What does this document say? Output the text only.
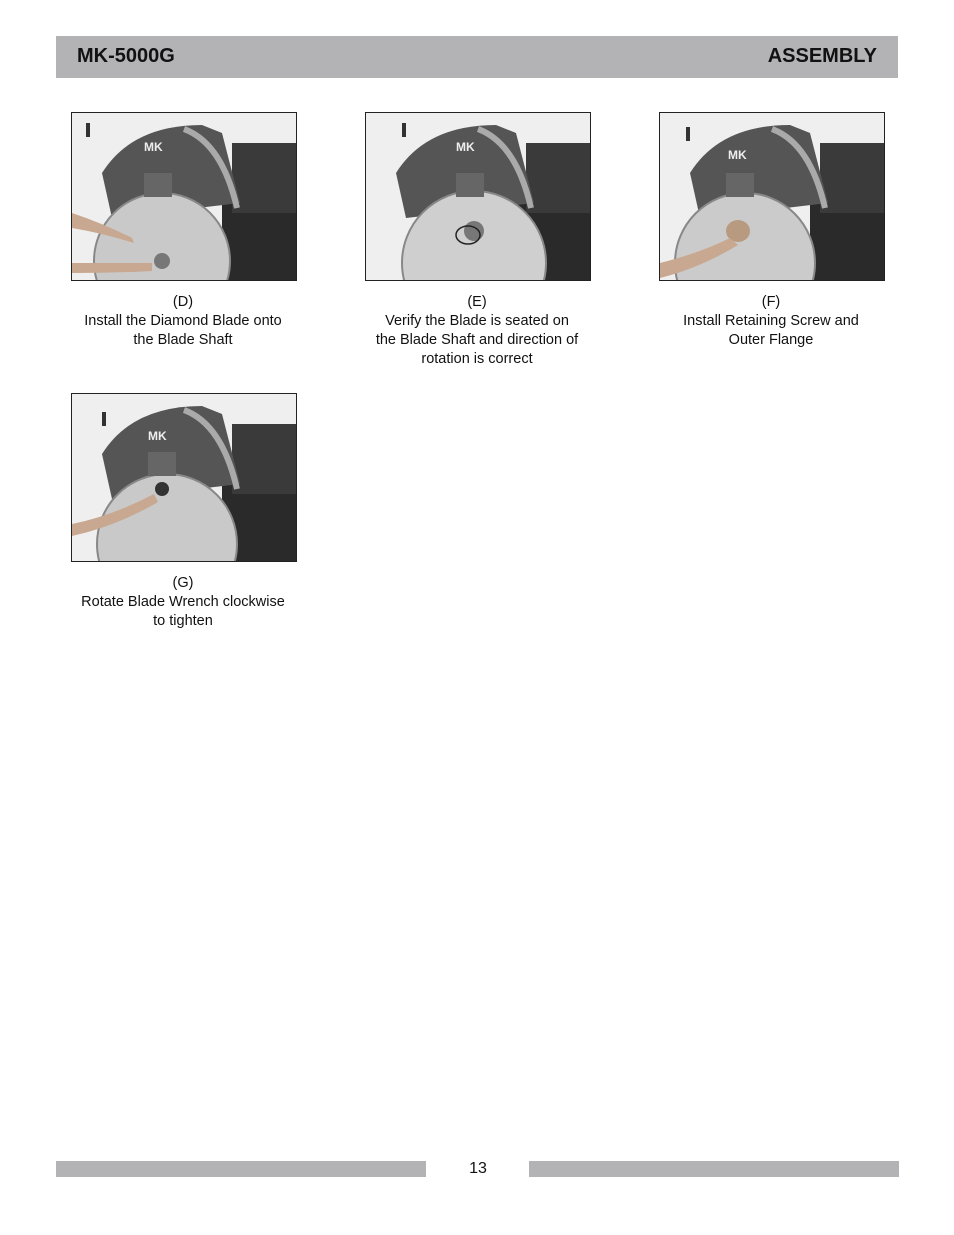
MK-5000G	ASSEMBLY
MK
(D)
Install the Diamond Blade onto
the Blade Shaft
MK
(E)
Verify the Blade is seated on
the Blade Shaft and direction of
rotation is correct
MK
(F)
Install Retaining Screw and
Outer Flange
MK
(G)
Rotate Blade Wrench clockwise
to tighten
13
